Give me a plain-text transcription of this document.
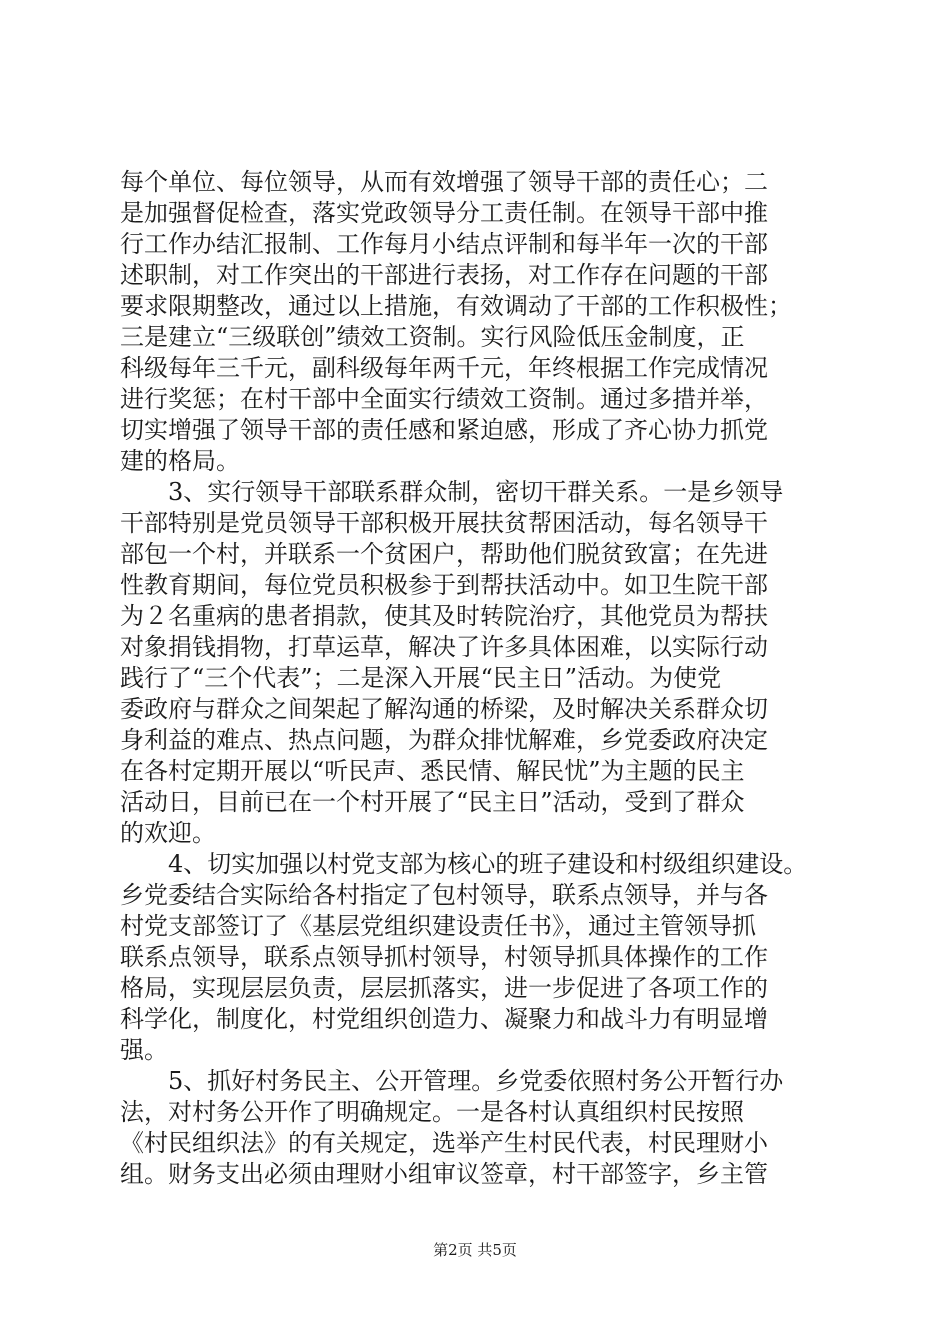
每个单位、每位领导，从而有效增强了领导干部的责任心；二
是加强督促检查，落实党政领导分工责任制。在领导干部中推
行工作办结汇报制、工作每月小结点评制和每半年一次的干部
述职制，对工作突出的干部进行表扬，对工作存在问题的干部
要求限期整改，通过以上措施，有效调动了干部的工作积极性；
三是建立“三级联创”绩效工资制。实行风险低压金制度，正
科级每年三千元，副科级每年两千元，年终根据工作完成情况
进行奖惩；在村干部中全面实行绩效工资制。通过多措并举，
切实增强了领导干部的责任感和紧迫感，形成了齐心协力抓党
建的格局。
　　3、实行领导干部联系群众制，密切干群关系。一是乡领导
干部特别是党员领导干部积极开展扶贫帮困活动，每名领导干
部包一个村，并联系一个贫困户，帮助他们脱贫致富；在先进
性教育期间，每位党员积极参于到帮扶活动中。如卫生院干部
为２名重病的患者捐款，使其及时转院治疗，其他党员为帮扶
对象捐钱捐物，打草运草，解决了许多具体困难，以实际行动
践行了“三个代表”；二是深入开展“民主日”活动。为使党
委政府与群众之间架起了解沟通的桥梁，及时解决关系群众切
身利益的难点、热点问题，为群众排忧解难，乡党委政府决定
在各村定期开展以“听民声、悉民情、解民忧”为主题的民主
活动日，目前已在一个村开展了“民主日”活动，受到了群众
的欢迎。
　　4、切实加强以村党支部为核心的班子建设和村级组织建设。
乡党委结合实际给各村指定了包村领导，联系点领导，并与各
村党支部签订了《基层党组织建设责任书》，通过主管领导抓
联系点领导，联系点领导抓村领导，村领导抓具体操作的工作
格局，实现层层负责，层层抓落实，进一步促进了各项工作的
科学化，制度化，村党组织创造力、凝聚力和战斗力有明显增
强。
　　5、抓好村务民主、公开管理。乡党委依照村务公开暂行办
法，对村务公开作了明确规定。一是各村认真组织村民按照
《村民组织法》的有关规定，选举产生村民代表，村民理财小
组。财务支出必须由理财小组审议签章，村干部签字，乡主管
第2页 共5页
